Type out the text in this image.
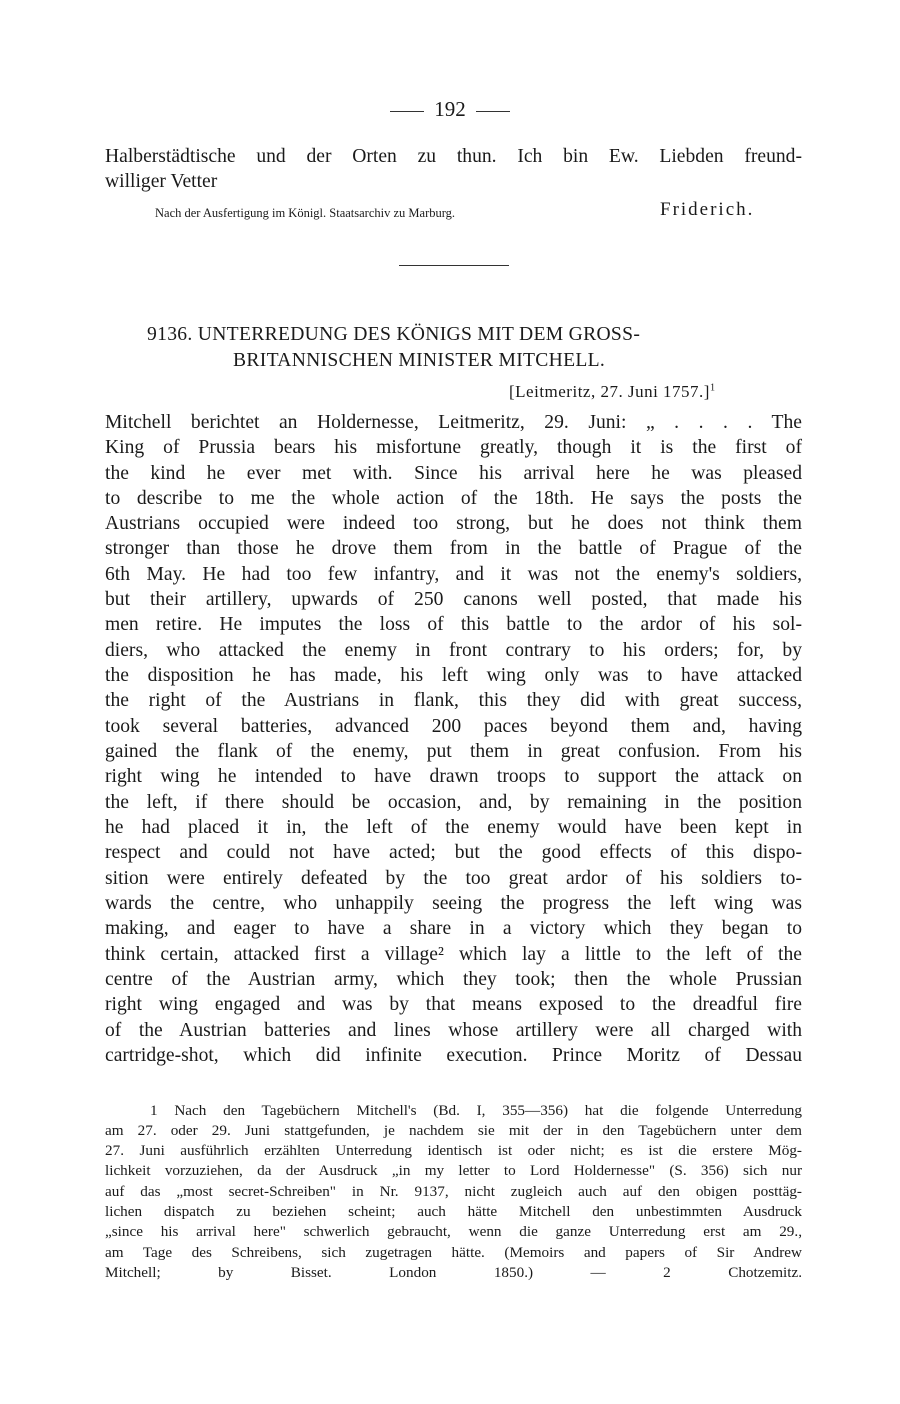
192
Halberstädtische und der Orten zu thun. Ich bin Ew. Liebden freund-
williger Vetter
Nach der Ausfertigung im Königl. Staatsarchiv zu Marburg.	Friderich.
9136. UNTERREDUNG DES KÖNIGS MIT DEM GROSS-
BRITANNISCHEN MINISTER MITCHELL.
[Leitmeritz, 27. Juni 1757.]$^1$
Mitchell berichtet an Holdernesse, Leitmeritz, 29. Juni: „ . . . . The
King of Prussia bears his misfortune greatly, though it is the first of
the kind he ever met with. Since his arrival here he was pleased
to describe to me the whole action of the 18th. He says the posts the
Austrians occupied were indeed too strong, but he does not think them
stronger than those he drove them from in the battle of Prague of the
6th May. He had too few infantry, and it was not the enemy's soldiers,
but their artillery, upwards of 250 canons well posted, that made his
men retire. He imputes the loss of this battle to the ardor of his sol-
diers, who attacked the enemy in front contrary to his orders; for, by
the disposition he has made, his left wing only was to have attacked
the right of the Austrians in flank, this they did with great success,
took several batteries, advanced 200 paces beyond them and, having
gained the flank of the enemy, put them in great confusion. From his
right wing he intended to have drawn troops to support the attack on
the left, if there should be occasion, and, by remaining in the position
he had placed it in, the left of the enemy would have been kept in
respect and could not have acted; but the good effects of this dispo-
sition were entirely defeated by the too great ardor of his soldiers to-
wards the centre, who unhappily seeing the progress the left wing was
making, and eager to have a share in a victory which they began to
think certain, attacked first a village² which lay a little to the left of the
centre of the Austrian army, which they took; then the whole Prussian
right wing engaged and was by that means exposed to the dreadful fire
of the Austrian batteries and lines whose artillery were all charged with
cartridge-shot, which did infinite execution. Prince Moritz of Dessau
1 Nach den Tagebüchern Mitchell's (Bd. I, 355—356) hat die folgende Unterredung
am 27. oder 29. Juni stattgefunden, je nachdem sie mit der in den Tagebüchern unter dem
27. Juni ausführlich erzählten Unterredung identisch ist oder nicht; es ist die erstere Mög-
lichkeit vorzuziehen, da der Ausdruck „in my letter to Lord Holdernesse" (S. 356) sich nur
auf das „most secret-Schreiben" in Nr. 9137, nicht zugleich auch auf den obigen posttäg-
lichen dispatch zu beziehen scheint; auch hätte Mitchell den unbestimmten Ausdruck
„since his arrival here" schwerlich gebraucht, wenn die ganze Unterredung erst am 29.,
am Tage des Schreibens, sich zugetragen hätte. (Memoirs and papers of Sir Andrew
Mitchell; by Bisset. London 1850.) — 2 Chotzemitz.
